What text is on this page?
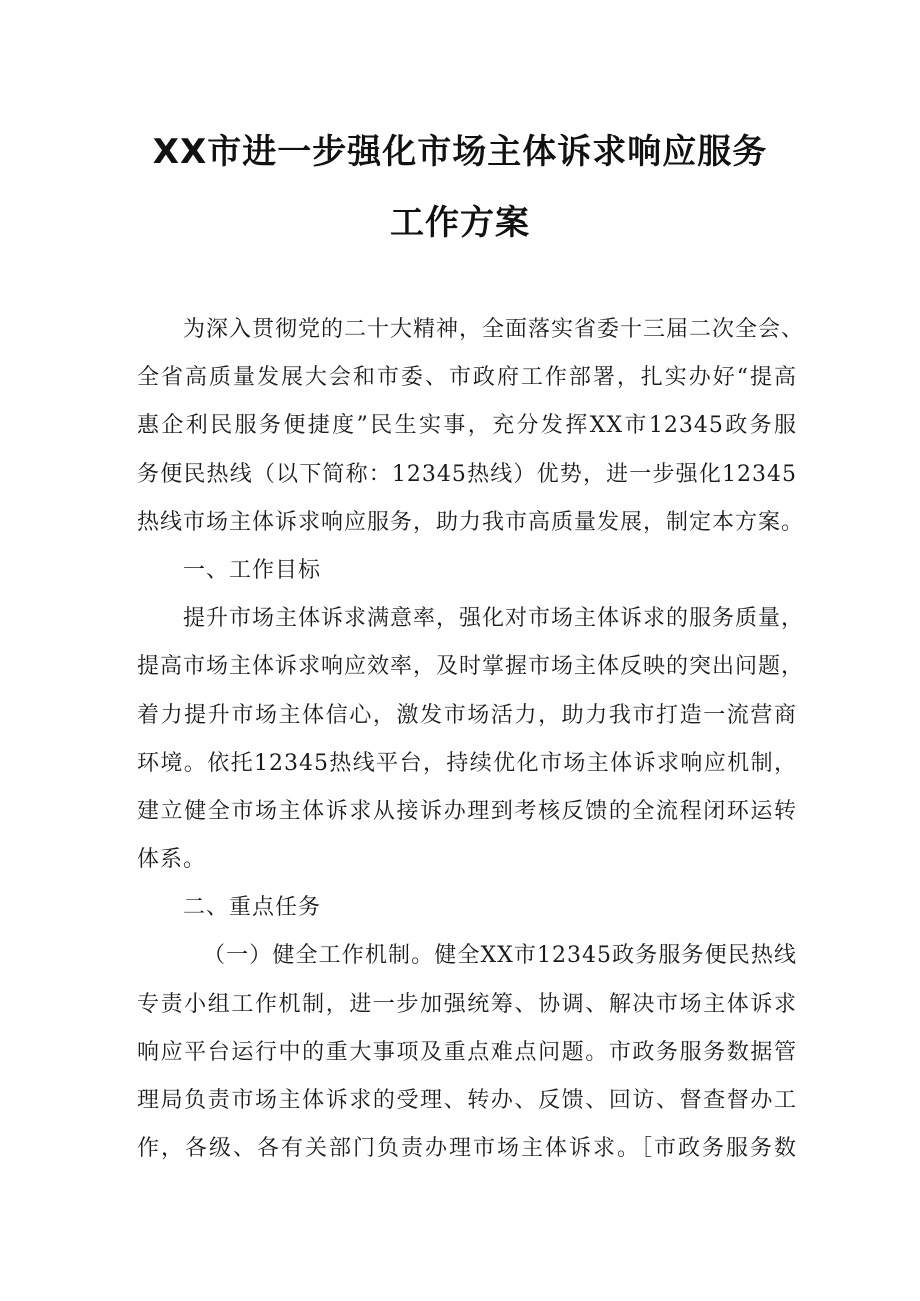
XX市进一步强化市场主体诉求响应服务
工作方案
为深入贯彻党的二十大精神，全面落实省委十三届二次全会、
全省高质量发展大会和市委、市政府工作部署，扎实办好“提高
惠企利民服务便捷度”民生实事，充分发挥XX市12345政务服
务便民热线（以下简称：12345热线）优势，进一步强化12345
热线市场主体诉求响应服务，助力我市高质量发展，制定本方案。
一、工作目标
提升市场主体诉求满意率，强化对市场主体诉求的服务质量，
提高市场主体诉求响应效率，及时掌握市场主体反映的突出问题，
着力提升市场主体信心，激发市场活力，助力我市打造一流营商
环境。依托12345热线平台，持续优化市场主体诉求响应机制，
建立健全市场主体诉求从接诉办理到考核反馈的全流程闭环运转
体系。
二、重点任务
（一）健全工作机制。健全XX市12345政务服务便民热线
专责小组工作机制，进一步加强统筹、协调、解决市场主体诉求
响应平台运行中的重大事项及重点难点问题。市政务服务数据管
理局负责市场主体诉求的受理、转办、反馈、回访、督查督办工
作，各级、各有关部门负责办理市场主体诉求。［市政务服务数
